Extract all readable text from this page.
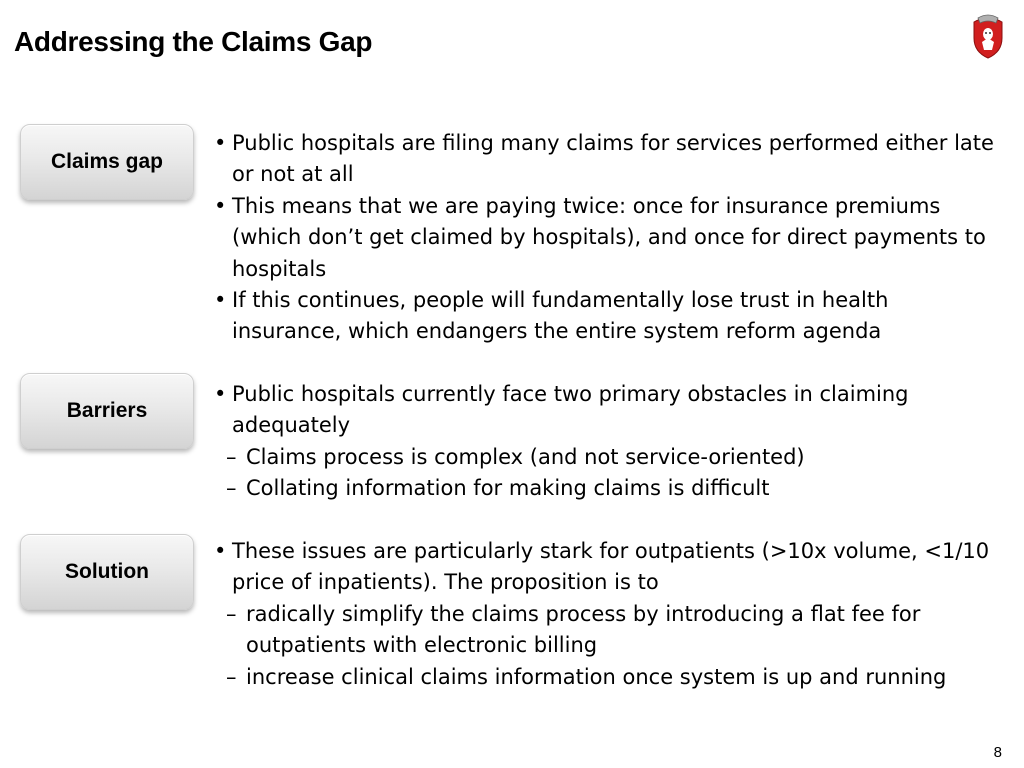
Addressing the Claims Gap
Claims gap
• Public hospitals are filing many claims for services performed either late or not at all
• This means that we are paying twice: once for insurance premiums (which don’t get claimed by hospitals), and once for direct payments to hospitals
• If this continues, people will fundamentally lose trust in health insurance, which endangers the entire system reform agenda
Barriers
• Public hospitals currently face two primary obstacles in claiming adequately
– Claims process is complex (and not service-oriented)
– Collating information for making claims is difficult
Solution
• These issues are particularly stark for outpatients (>10x volume, <1/10 price of inpatients). The proposition is to
– radically simplify the claims process by introducing a flat fee for outpatients with electronic billing
– increase clinical claims information once system is up and running
8
